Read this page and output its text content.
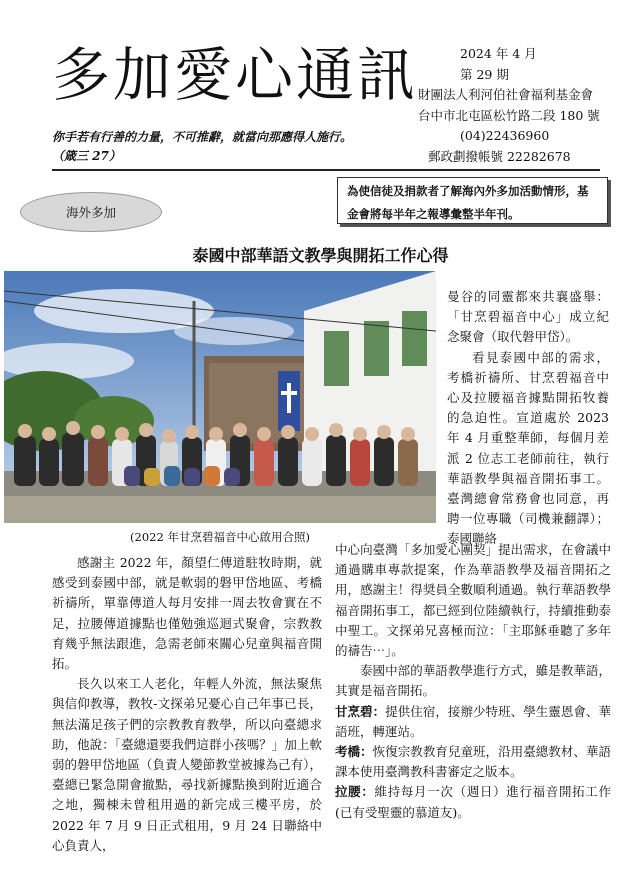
多加愛心通訊
你手若有行善的力量，不可推辭，就當向那應得人施行。
（箴三 27）
2024 年 4 月
第 29 期
財團法人利河伯社會福利基金會
台中市北屯區松竹路二段 180 號
(04)22436960
郵政劃撥帳號 22282678
海外多加
為使信徒及捐款者了解海內外多加活動情形，基金會將每半年之報導彙整半年刊。
泰國中部華語文教學與開拓工作心得
(2022 年甘烹碧福音中心啟用合照)

曼谷的同靈都來共襄盛舉：「甘烹碧福音中心」成立紀念聚會（取代磐甲岱）。

看見泰國中部的需求，考橋祈禱所、甘烹碧福音中心及拉腰福音據點開拓牧養的急迫性。宣道處於 2023 年 4 月重整華師，每個月差派 2 位志工老師前往，執行華語教學與福音開拓事工。臺灣總會常務會也同意，再聘一位專職（司機兼翻譯）；泰國聯絡

感謝主 2022 年，顏望仁傳道駐牧時期，就感受到泰國中部，就是軟弱的磐甲岱地區、考橋祈禱所，單靠傳道人每月安排一周去牧會實在不足，拉腰傳道據點也僅勉強巡迴式聚會，宗教教育幾乎無法跟進，急需老師來關心兒童與福音開拓。

長久以來工人老化，年輕人外流，無法聚焦與信仰教導，教牧-文探弟兄憂心自己年事已長，無法滿足孩子們的宗教教育教學，所以向臺總求助，他說：「臺總還要我們這群小孩嗎？」加上軟弱的磐甲岱地區（負責人變節教堂被據為己有），臺總已緊急開會撤點，尋找新據點換到附近適合之地，獨棟未曾租用過的新完成三樓平房，於 2022 年 7 月 9 日正式租用，9 月 24 日聯絡中心負責人，

中心向臺灣「多加愛心團契」提出需求，在會議中通過購車專款提案，作為華語教學及福音開拓之用，感謝主！得奨員全數順利通過。執行華語教學福音開拓事工，都已經到位陸續執行，持續推動泰中聖工。文探弟兄喜極而泣：「主耶穌垂聽了多年的禱告⋯」。

泰國中部的華語教學進行方式，雖是教華語，其實是福音開拓。

甘烹碧：提供住宿，接辦少特班、學生靈恩會、華語班，轉運站。

考橋：恢復宗教教育兒童班，沿用臺總教材、華語課本使用臺灣教科書審定之版本。

拉腰：維持每月一次（週日）進行福音開拓工作(已有受聖靈的慕道友)。
